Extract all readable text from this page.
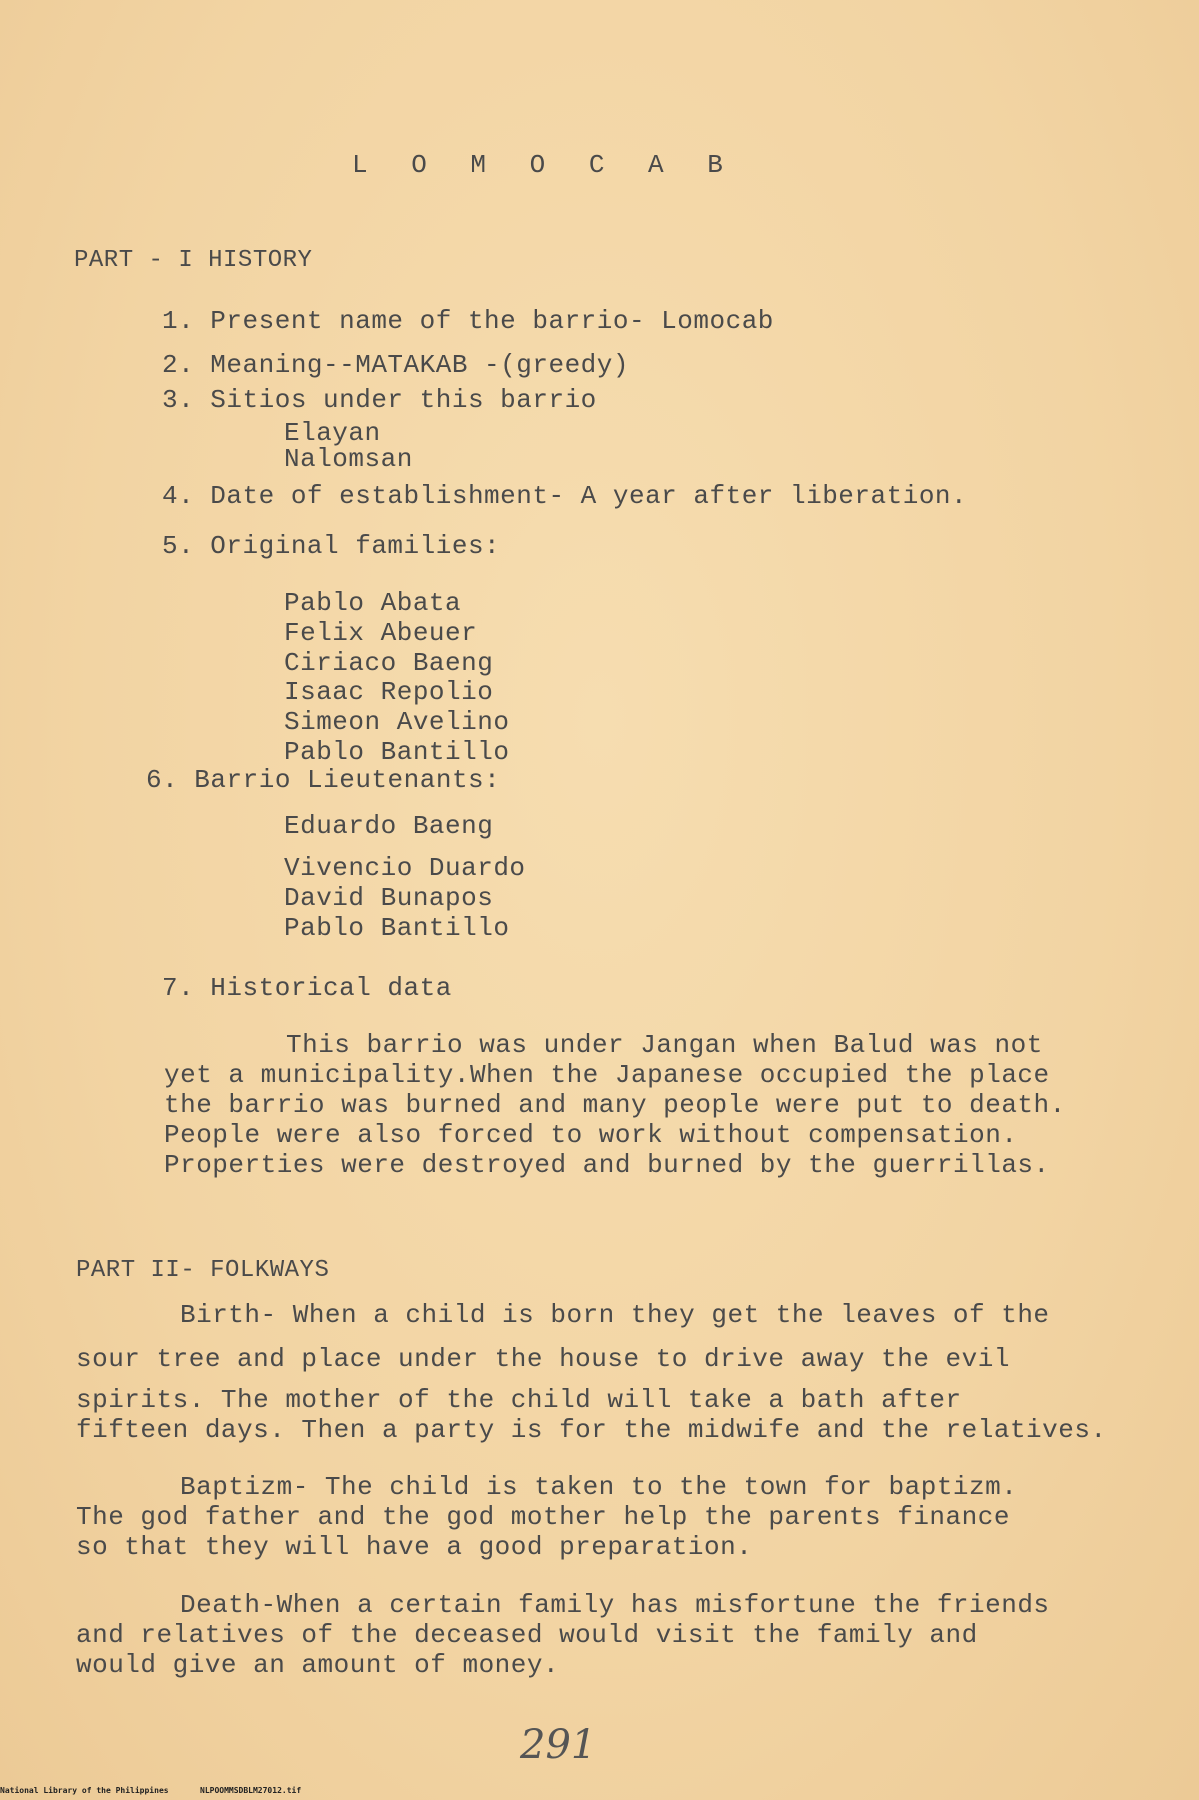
L O M O C A B
PART - I HISTORY
1. Present name of the barrio- Lomocab
2. Meaning--MATAKAB -(greedy)
3. Sitios under this barrio
Elayan
Nalomsan
4. Date of establishment- A year after liberation.
5. Original families:
Pablo Abata
Felix Abeuer
Ciriaco Baeng
Isaac Repolio
Simeon Avelino
Pablo Bantillo
6. Barrio Lieutenants:
Eduardo Baeng
Vivencio Duardo
David Bunapos
Pablo Bantillo
7. Historical data
This barrio was under Jangan when Balud was not
yet a municipality.When the Japanese occupied the place
the barrio was burned and many people were put to death.
People were also forced to work without compensation.
Properties were destroyed and burned by the guerrillas.
PART II- FOLKWAYS
Birth- When a child is born they get the leaves of the
sour tree and place under the house to drive away the evil
spirits. The mother of the child will take a bath after
fifteen days. Then a party is for the midwife and the relatives.
Baptizm- The child is taken to the town for baptizm.
The god father and the god mother help the parents finance
so that they will have a good preparation.
Death-When a certain family has misfortune the friends
and relatives of the deceased would visit the family and
would give an amount of money.
291
National Library of the Philippines	NLPOOMMSDBLM27012.tif
